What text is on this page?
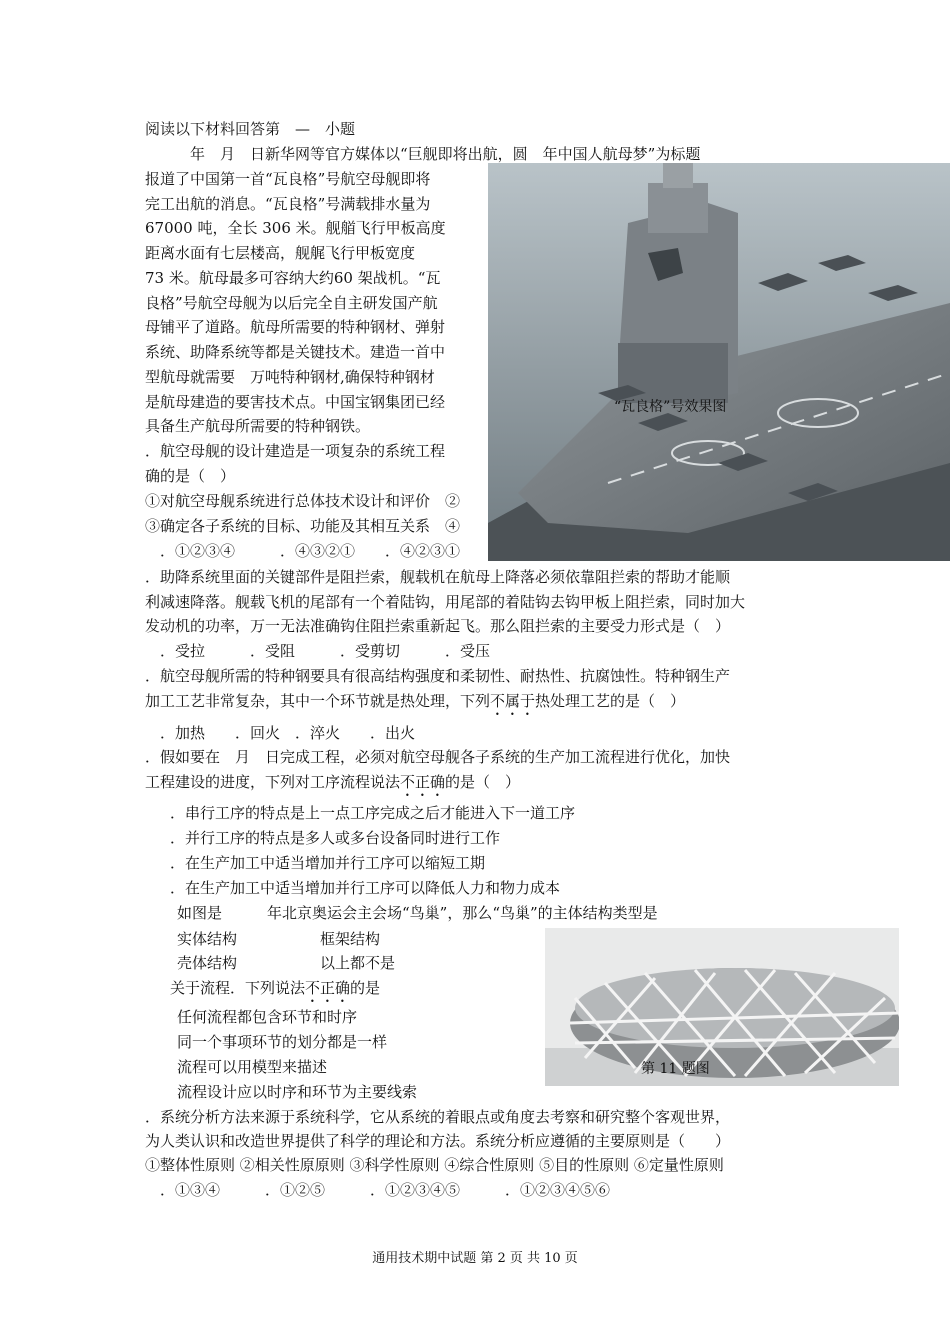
“瓦良格”号效果图
第 11 题图
阅读以下材料回答第　—　小题
　　　年　月　日新华网等官方媒体以“巨舰即将出航，圆　年中国人航母梦”为标题
报道了中国第一首“瓦良格”号航空母舰即将
完工出航的消息。“瓦良格”号满载排水量为
67000 吨，全长 306 米。舰艏飞行甲板高度
距离水面有七层楼高，舰艉飞行甲板宽度
73 米。航母最多可容纳大约60 架战机。“瓦
良格”号航空母舰为以后完全自主研发国产航
母铺平了道路。航母所需要的特种钢材、弹射
系统、助降系统等都是关键技术。建造一首中
型航母就需要　万吨特种钢材,确保特种钢材
是航母建造的要害技术点。中国宝钢集团已经
具备生产航母所需要的特种钢铁。
．航空母舰的设计建造是一项复杂的系统工程
确的是（　）
①对航空母舰系统进行总体技术设计和评价　②
③确定各子系统的目标、功能及其相互关系　④
．①②③④　　　．④③②①　　．④②③①
．助降系统里面的关键部件是阻拦索，舰载机在航母上降落必须依靠阻拦索的帮助才能顺
利减速降落。舰载飞机的尾部有一个着陆钩，用尾部的着陆钩去钩甲板上阻拦索，同时加大
发动机的功率，万一无法准确钩住阻拦索重新起飞。那么阻拦索的主要受力形式是（　）
．受拉　　　．受阻　　　．受剪切　　　．受压
．航空母舰所需的特种钢要具有很高结构强度和柔韧性、耐热性、抗腐蚀性。特种钢生产
加工工艺非常复杂，其中一个环节就是热处理，下列不属于热处理工艺的是（　）
．加热　　．回火　．淬火　　．出火
．假如要在　月　日完成工程，必须对航空母舰各子系统的生产加工流程进行优化，加快
工程建设的进度，下列对工序流程说法不正确的是（　）
．串行工序的特点是上一点工序完成之后才能进入下一道工序
．并行工序的特点是多人或多台设备同时进行工作
．在生产加工中适当增加并行工序可以缩短工期
．在生产加工中适当增加并行工序可以降低人力和物力成本
如图是　　　年北京奥运会主会场“鸟巢”，那么“鸟巢”的主体结构类型是
实体结构	框架结构
壳体结构	以上都不是
关于流程．下列说法不正确的是
任何流程都包含环节和时序
同一个事项环节的划分都是一样
流程可以用模型来描述
流程设计应以时序和环节为主要线索
．系统分析方法来源于系统科学，它从系统的着眼点或角度去考察和研究整个客观世界，
为人类认识和改造世界提供了科学的理论和方法。系统分析应遵循的主要原则是（　　）
①整体性原则 ②相关性原原则 ③科学性原则 ④综合性原则 ⑤目的性原则 ⑥定量性原则
．①③④　　　．①②⑤　　　．①②③④⑤　　　．①②③④⑤⑥
通用技术期中试题 第 2 页 共 10 页
